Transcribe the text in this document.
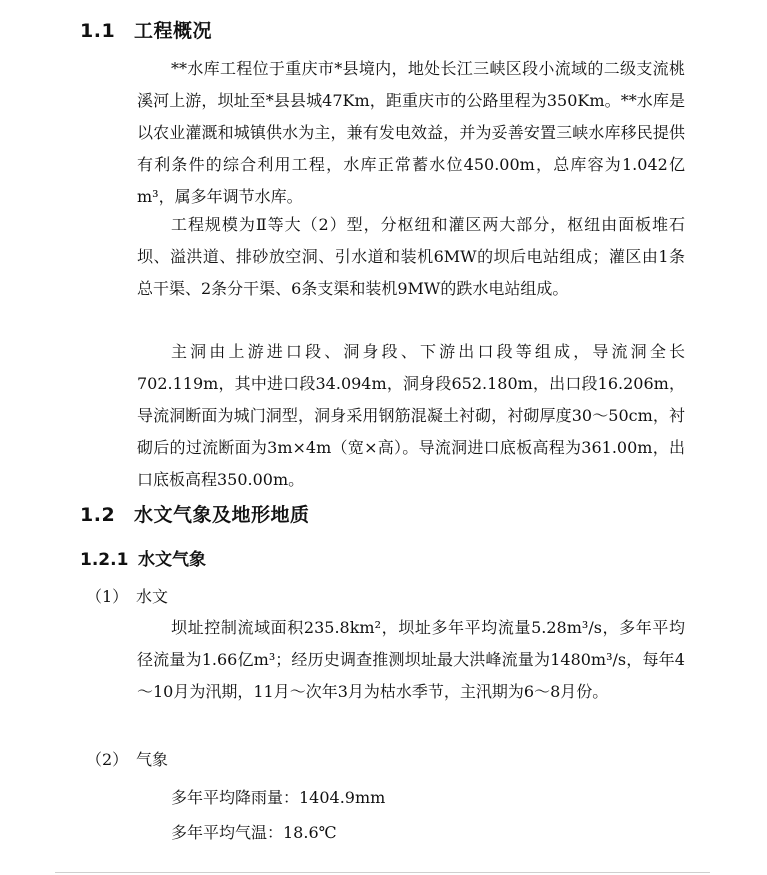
1.1 工程概况

**水库工程位于重庆市*县境内，地处长江三峡区段小流域的二级支流桃溪河上游，坝址至*县县城47Km，距重庆市的公路里程为350Km。**水库是以农业灌溉和城镇供水为主，兼有发电效益，并为妥善安置三峡水库移民提供有利条件的综合利用工程，水库正常蓄水位450.00m，总库容为1.042亿m³，属多年调节水库。

工程规模为Ⅱ等大（2）型，分枢纽和灌区两大部分，枢纽由面板堆石坝、溢洪道、排砂放空洞、引水道和装机6MW的坝后电站组成；灌区由1条总干渠、2条分干渠、6条支渠和装机9MW的跌水电站组成。

主洞由上游进口段、洞身段、下游出口段等组成，导流洞全长702.119m，其中进口段34.094m，洞身段652.180m，出口段16.206m，导流洞断面为城门洞型，洞身采用钢筋混凝土衬砌，衬砌厚度30～50cm，衬砌后的过流断面为3m×4m（宽×高）。导流洞进口底板高程为361.00m，出口底板高程350.00m。

1.2 水文气象及地形地质
1.2.1 水文气象
（1） 水文

坝址控制流域面积235.8km²，坝址多年平均流量5.28m³/s，多年平均径流量为1.66亿m³；经历史调查推测坝址最大洪峰流量为1480m³/s，每年4～10月为汛期，11月～次年3月为枯水季节，主汛期为6～8月份。

（2） 气象
多年平均降雨量：1404.9mm
多年平均气温：18.6℃
